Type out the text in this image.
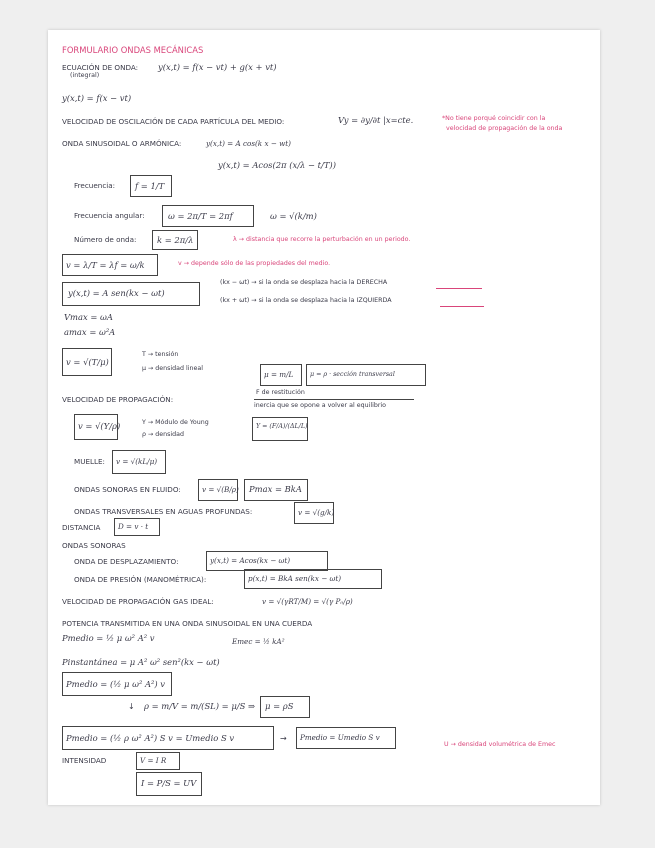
FORMULARIO ONDAS MECÁNICAS
ECUACIÓN DE ONDA:
(integral)
y(x,t) = f(x − vt) + g(x + vt)
y(x,t) = f(x − vt)
VELOCIDAD DE OSCILACIÓN DE CADA PARTÍCULA DEL MEDIO:	Vy = ∂y/∂t |x=cte.	*No tiene porqué coincidir con la
velocidad de propagación de la onda
ONDA SINUSOIDAL O ARMÓNICA:	y(x,t) = A cos(k x − wt)
y(x,t) = Acos(2π (x/λ − t/T))
Frecuencia: f = 1/T
Frecuencia angular:	ω = 2π/T = 2πf	ω = √(k/m)
Número de onda: k = 2π/λ	λ → distancia que recorre la perturbación en un periodo.
v = λ/T = λf = ω/k	v → depende sólo de las propiedades del medio.
y(x,t) = A sen(kx − ωt)
(kx − ωt) → si la onda se desplaza hacia la DERECHA
(kx + ωt) → si la onda se desplaza hacia la IZQUIERDA
Vmax = ωA
amax = ω²A
v = √(T/μ)
T → tensión
μ → densidad lineal
μ = m/L	μ = ρ · sección transversal
VELOCIDAD DE PROPAGACIÓN:
F de restitución
inercia que se opone a volver al equilibrio
v = √(Y/ρ)	Y → Módulo de Young
ρ → densidad
Y = (F/A)/(ΔL/L)
MUELLE: v = √(kL/μ)
ONDAS SONORAS EN FLUIDO:	v = √(B/ρ) Pmax = BkA
ONDAS TRANSVERSALES EN AGUAS PROFUNDAS:	v = √(g/k)
DISTANCIA D = v · t
ONDAS SONORAS
ONDA DE DESPLAZAMIENTO:	y(x,t) = Acos(kx − ωt)
ONDA DE PRESIÓN (MANOMÉTRICA):	p(x,t) = BkA sen(kx − ωt)
VELOCIDAD DE PROPAGACIÓN GAS IDEAL:	v = √(γRT/M) = √(γ P₀/ρ)
POTENCIA TRANSMITIDA EN UNA ONDA SINUSOIDAL EN UNA CUERDA
Pmedio = ½ μ ω² A² v	Emec = ½ kA²
Pinstantánea = μ A² ω² sen²(kx − ωt)
Pmedio = (½ μ ω² A²) v
↓ ρ = m/V = m/(SL) = μ/S ⇒ μ = ρS
Pmedio = (½ ρ ω² A²) S v = Umedio S v	→ Pmedio = Umedio S v
U → densidad volumétrica de Emec
INTENSIDAD	V = I R
I = P/S = UV
